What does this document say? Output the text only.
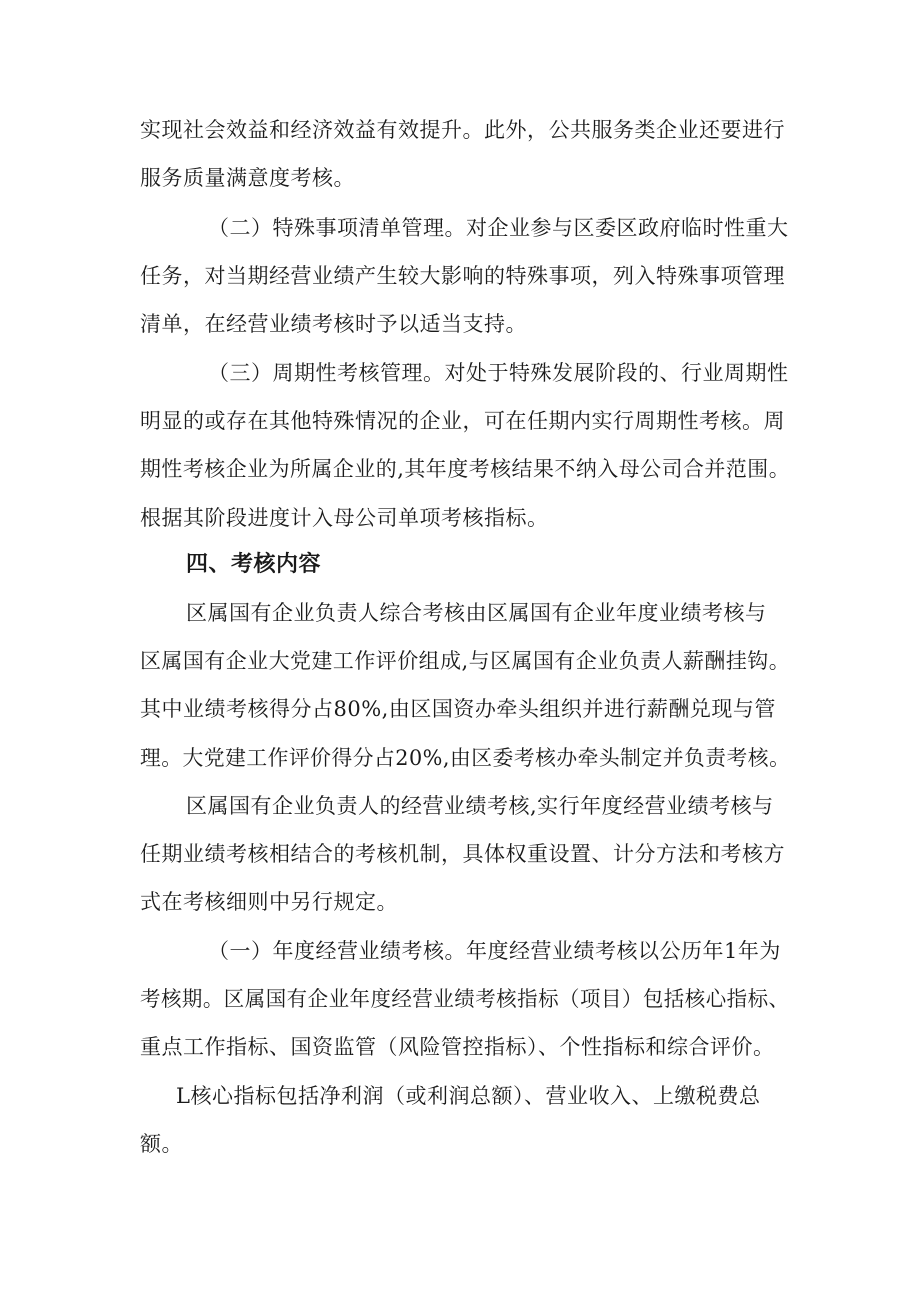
实现社会效益和经济效益有效提升。此外，公共服务类企业还要进行
服务质量满意度考核。
（二）特殊事项清单管理。对企业参与区委区政府临时性重大
任务，对当期经营业绩产生较大影响的特殊事项，列入特殊事项管理
清单，在经营业绩考核时予以适当支持。
（三）周期性考核管理。对处于特殊发展阶段的、行业周期性
明显的或存在其他特殊情况的企业，可在任期内实行周期性考核。周
期性考核企业为所属企业的,其年度考核结果不纳入母公司合并范围。
根据其阶段进度计入母公司单项考核指标。
四、考核内容
区属国有企业负责人综合考核由区属国有企业年度业绩考核与
区属国有企业大党建工作评价组成,与区属国有企业负责人薪酬挂钩。
其中业绩考核得分占80%,由区国资办牵头组织并进行薪酬兑现与管
理。大党建工作评价得分占20%,由区委考核办牵头制定并负责考核。
区属国有企业负责人的经营业绩考核,实行年度经营业绩考核与
任期业绩考核相结合的考核机制，具体权重设置、计分方法和考核方
式在考核细则中另行规定。
（一）年度经营业绩考核。年度经营业绩考核以公历年1年为
考核期。区属国有企业年度经营业绩考核指标（项目）包括核心指标、
重点工作指标、国资监管（风险管控指标）、个性指标和综合评价。
L核心指标包括净利润（或利润总额）、营业收入、上缴税费总
额。
